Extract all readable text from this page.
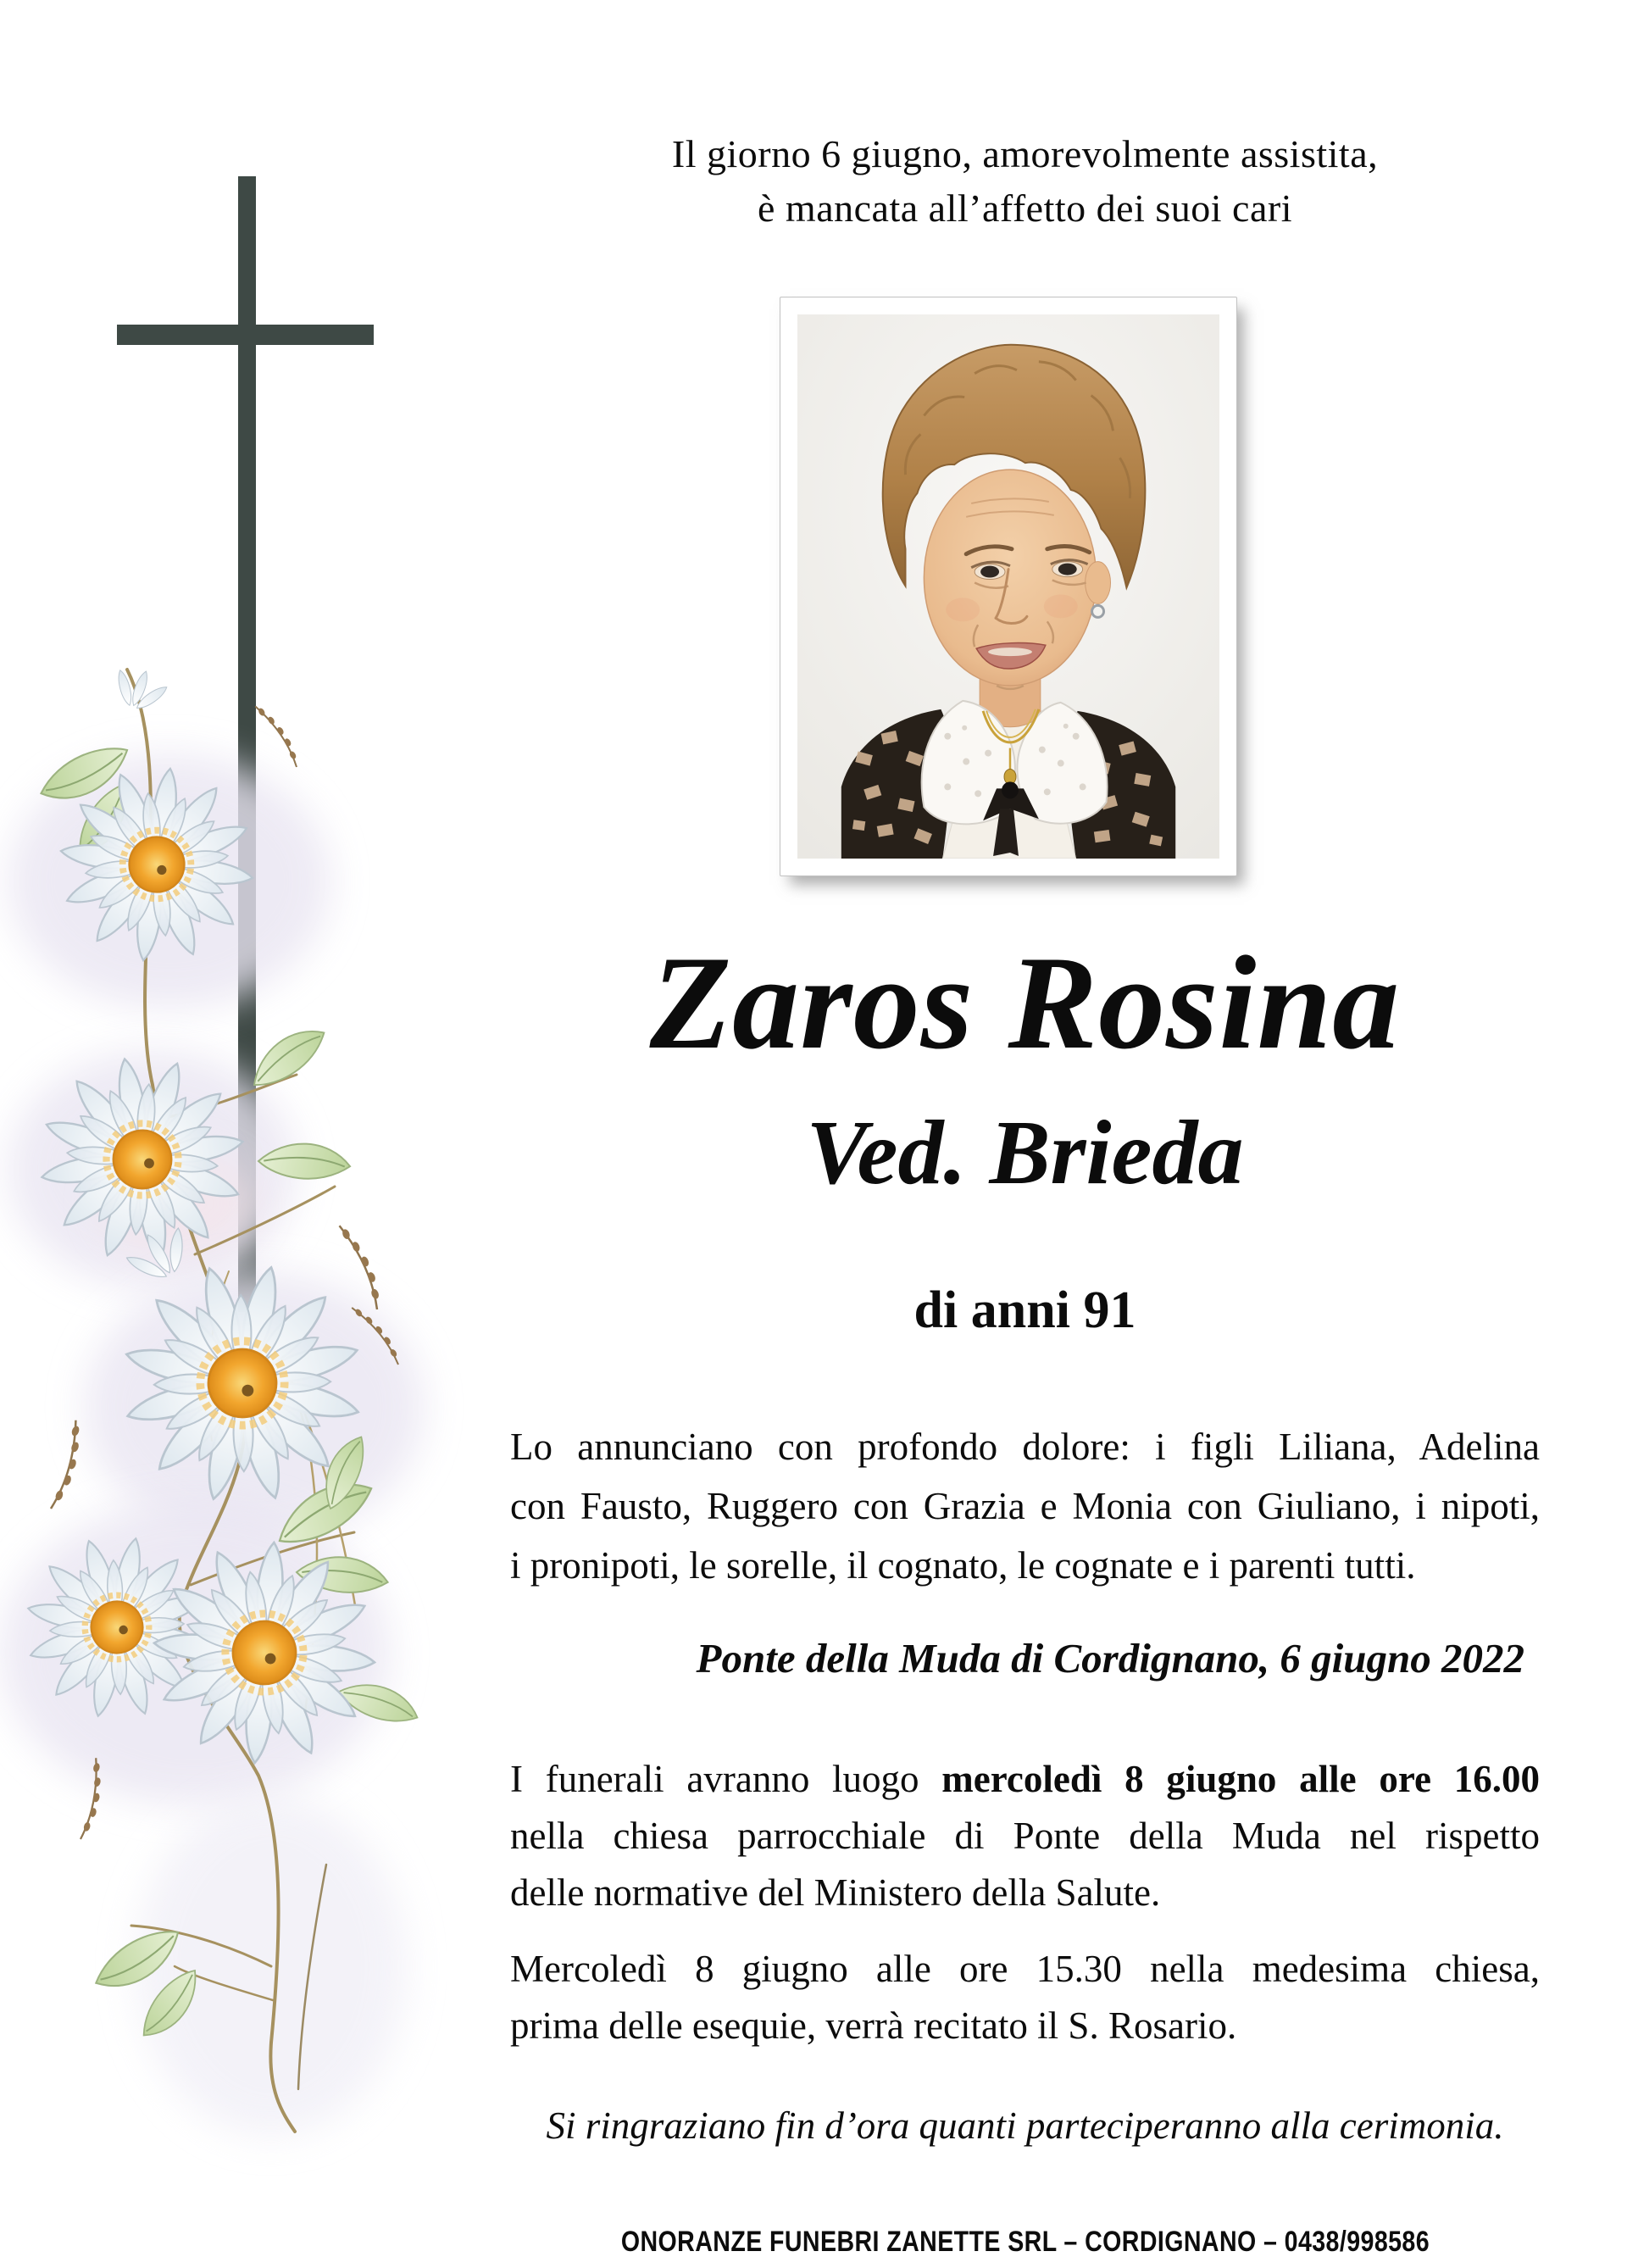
Il giorno 6 giugno, amorevolmente assistita,
è mancata all’affetto dei suoi cari
Zaros Rosina
Ved. Brieda
di anni 91
Lo annunciano con profondo dolore: i figli Liliana, Adelina
con Fausto, Ruggero con Grazia e Monia con Giuliano, i nipoti,
i pronipoti, le sorelle, il cognato, le cognate e i parenti tutti.
Ponte della Muda di Cordignano, 6 giugno 2022
I funerali avranno luogo mercoledì 8 giugno alle ore 16.00
nella chiesa parrocchiale di Ponte della Muda nel rispetto
delle normative del Ministero della Salute.
Mercoledì 8 giugno alle ore 15.30 nella medesima chiesa,
prima delle esequie, verrà recitato il S. Rosario.
Si ringraziano fin d’ora quanti parteciperanno alla cerimonia.
ONORANZE FUNEBRI ZANETTE SRL – CORDIGNANO – 0438/998586
